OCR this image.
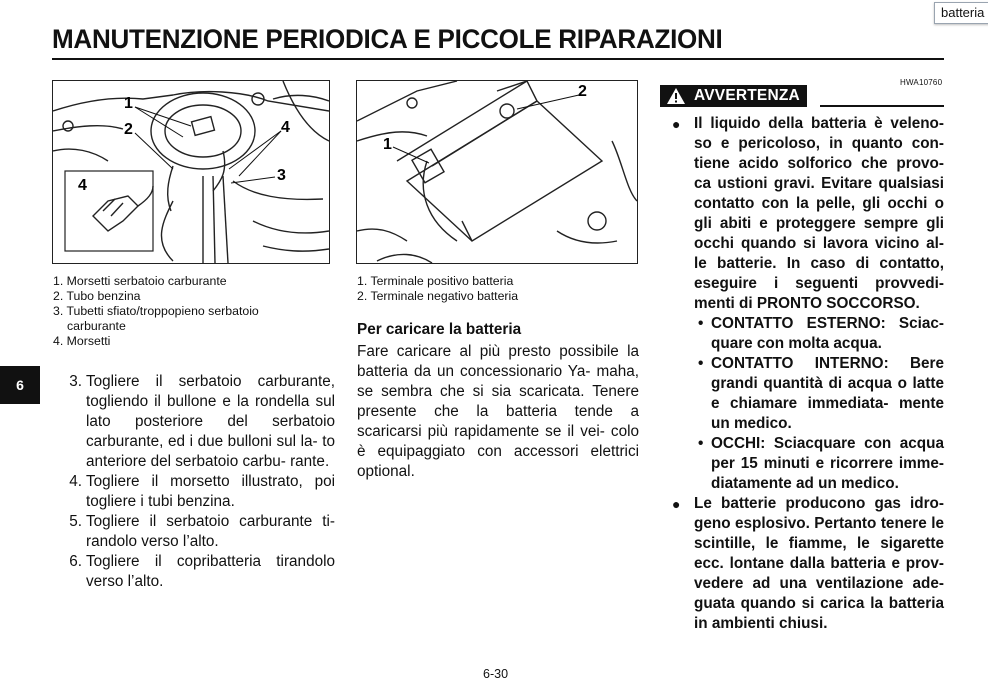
batteria
MANUTENZIONE PERIODICA E PICCOLE RIPARAZIONI
6
1
2	4
3
4
1. Morsetti serbatoio carburante
2. Tubo benzina
3. Tubetti sfiato/troppopieno serbatoio
carburante
4. Morsetti
2
1
1. Terminale positivo batteria
2. Terminale negativo batteria
3. Togliere il serbatoio carburante, togliendo il bullone e la rondella sul lato posteriore del serbatoio carburante, ed i due bulloni sul la- to anteriore del serbatoio carbu- rante.
4. Togliere il morsetto illustrato, poi togliere i tubi benzina.
5. Togliere il serbatoio carburante ti- randolo verso l’alto.
6. Togliere il copribatteria tirandolo verso l’alto.
Per caricare la batteria

Fare caricare al più presto possibile la batteria da un concessionario Ya- maha, se sembra che si sia scaricata. Tenere presente che la batteria tende a scaricarsi più rapidamente se il vei- colo è equipaggiato con accessori elettrici optional.

HWA10760
AVVERTENZA
● Il liquido della batteria è veleno- so e pericoloso, in quanto con- tiene acido solforico che provo- ca ustioni gravi. Evitare qualsiasi contatto con la pelle, gli occhi o gli abiti e proteggere sempre gli occhi quando si lavora vicino al- le batterie. In caso di contatto, eseguire i seguenti provvedi- menti di PRONTO SOCCORSO.
• CONTATTO ESTERNO: Sciac- quare con molta acqua.
• CONTATTO INTERNO: Bere grandi quantità di acqua o latte e chiamare immediata- mente un medico.
• OCCHI: Sciacquare con acqua per 15 minuti e ricorrere imme- diatamente ad un medico.
● Le batterie producono gas idro- geno esplosivo. Pertanto tenere le scintille, le fiamme, le sigarette ecc. lontane dalla batteria e prov- vedere ad una ventilazione ade- guata quando si carica la batteria in ambienti chiusi.
6-30
